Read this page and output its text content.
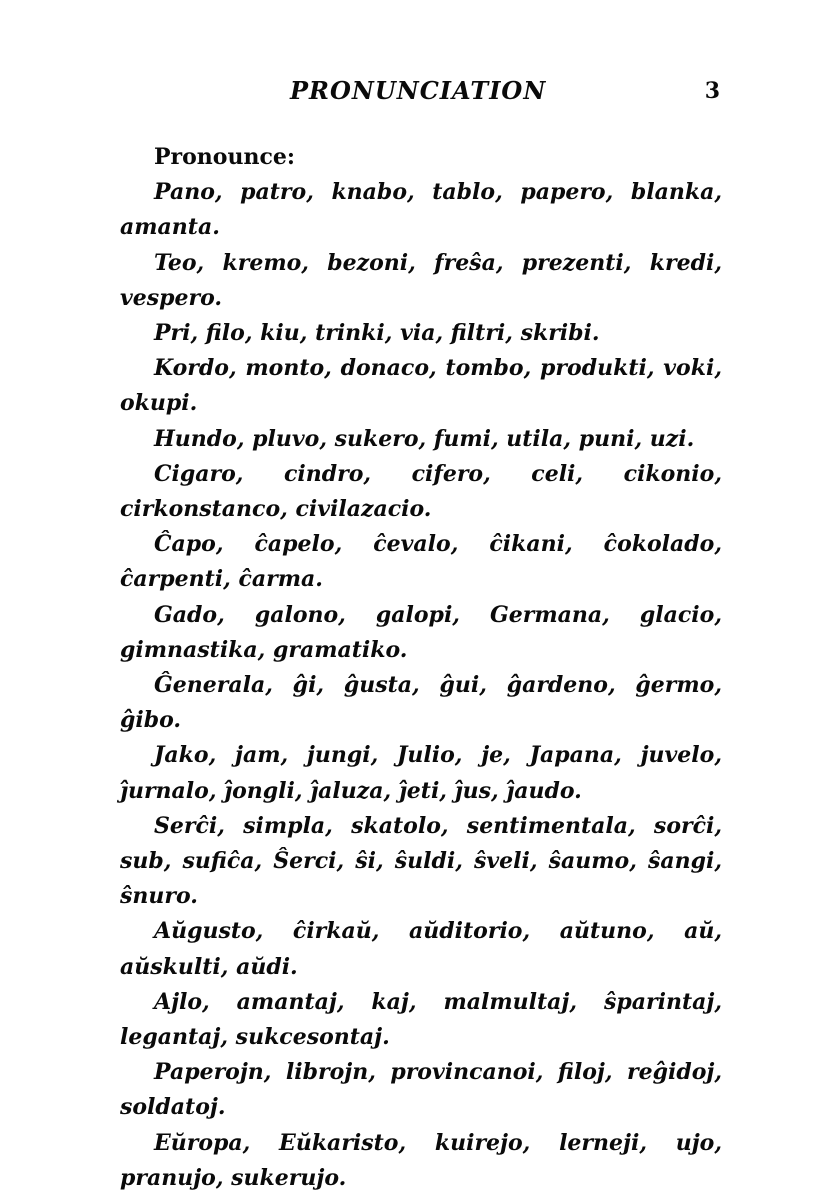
PRONUNCIATION	3

Pronounce:

Pano, patro, knabo, tablo, papero, blanka, amanta.

Teo, kremo, bezoni, freŝa, prezenti, kredi, vespero.

Pri, filo, kiu, trinki, via, filtri, skribi.

Kordo, monto, donaco, tombo, produkti, voki, okupi.

Hundo, pluvo, sukero, fumi, utila, puni, uzi.

Cigaro, cindro, cifero, celi, cikonio, cirkonstanco, civilazacio.

Ĉapo, ĉapelo, ĉevalo, ĉikani, ĉokolado, ĉarpenti, ĉarma.

Gado, galono, galopi, Germana, glacio, gimnastika, gramatiko.

Ĝenerala, ĝi, ĝusta, ĝui, ĝardeno, ĝermo, ĝibo.

Jako, jam, jungi, Julio, je, Japana, juvelo, ĵurnalo, ĵongli, ĵaluza, ĵeti, ĵus, ĵaudo.

Serĉi, simpla, skatolo, sentimentala, sorĉi, sub, sufiĉa, Ŝerci, ŝi, ŝuldi, ŝveli, ŝaumo, ŝangi, ŝnuro.

Aŭgusto, ĉirkaŭ, aŭditorio, aŭtuno, aŭ, aŭskulti, aŭdi.

Ajlo, amantaj, kaj, malmultaj, ŝparintaj, legantaj, sukcesontaj.

Paperojn, librojn, provincanoi, filoj, reĝidoj, soldatoj.

Eŭropa, Eŭkaristo, kuirejo, lerneji, ujo, pranujo, sukerujo.
